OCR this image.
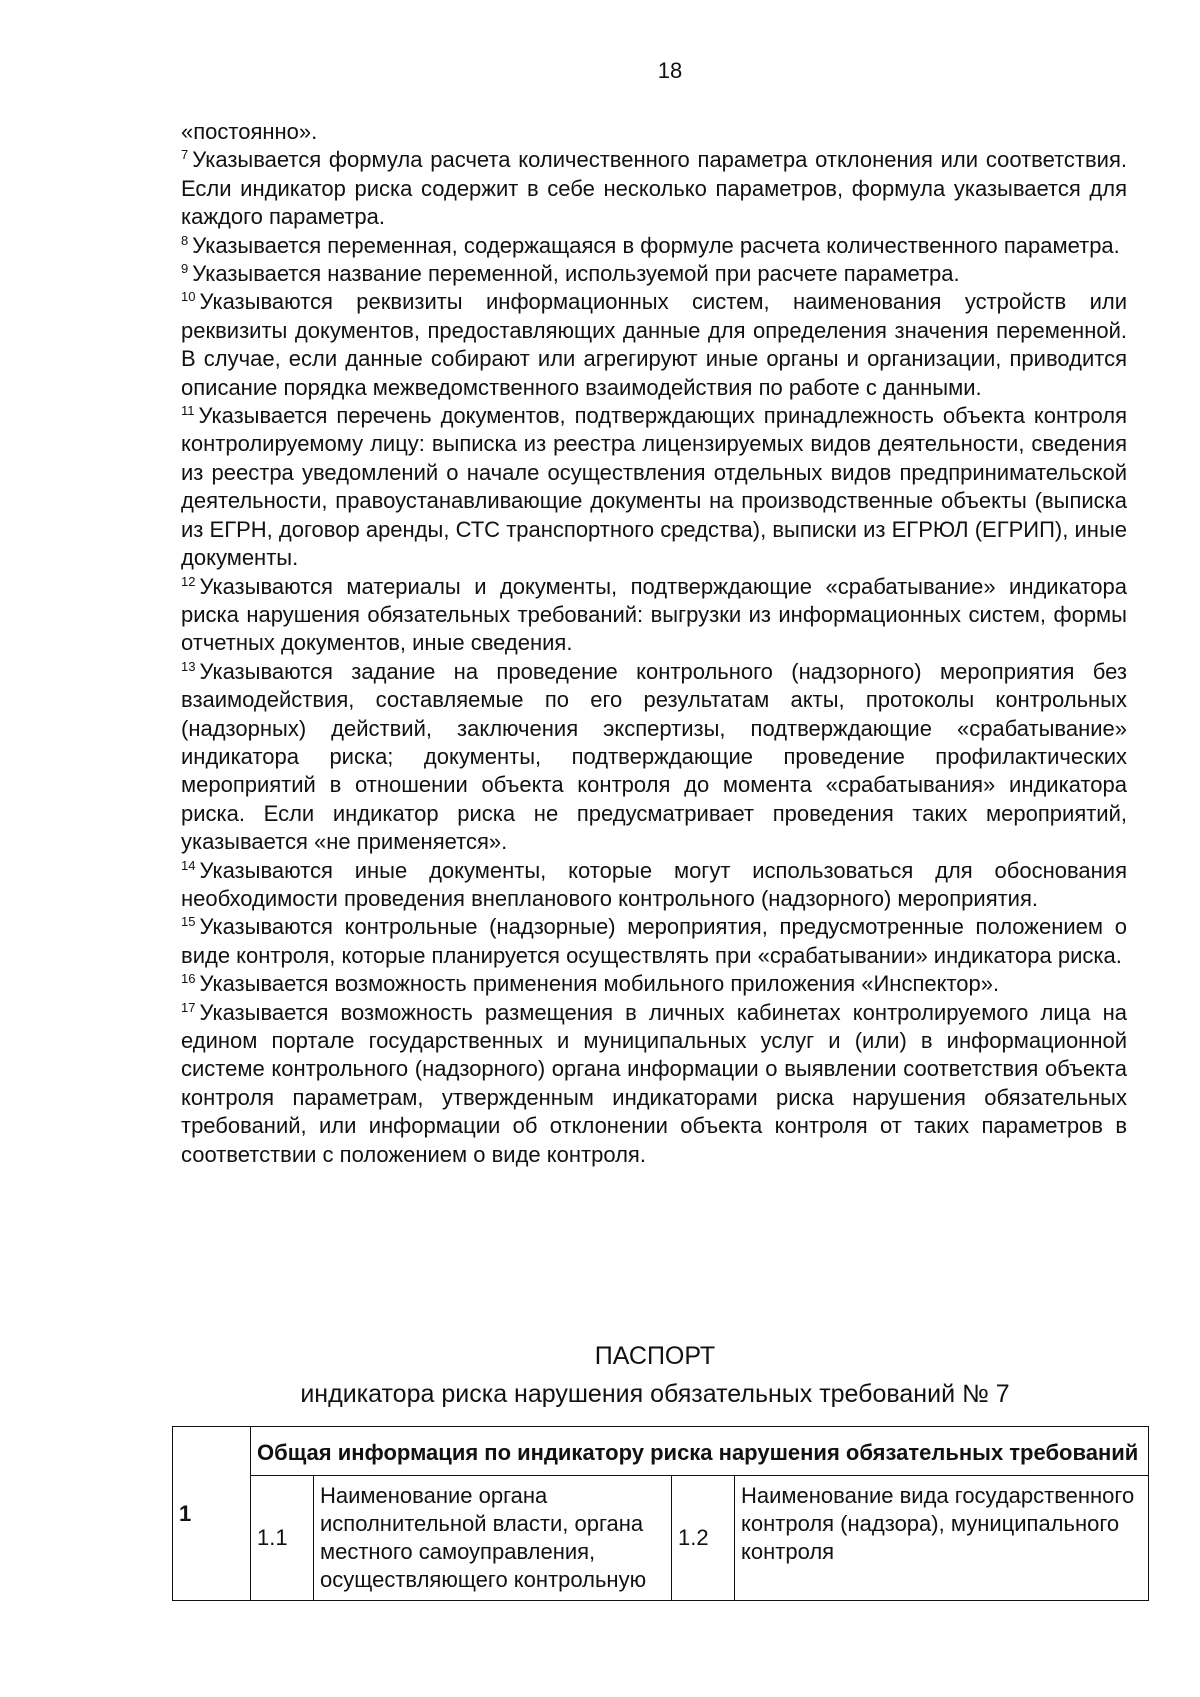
18

«постоянно».

$^7$ Указывается формула расчета количественного параметра отклонения или соответствия. Если индикатор риска содержит в себе несколько параметров, формула указывается для каждого параметра.

$^8$ Указывается переменная, содержащаяся в формуле расчета количественного параметра.

$^9$ Указывается название переменной, используемой при расчете параметра.

$^{10}$ Указываются реквизиты информационных систем, наименования устройств или реквизиты документов, предоставляющих данные для определения значения переменной. В случае, если данные собирают или агрегируют иные органы и организации, приводится описание порядка межведомственного взаимодействия по работе с данными.

$^{11}$ Указывается перечень документов, подтверждающих принадлежность объекта контроля контролируемому лицу: выписка из реестра лицензируемых видов деятельности, сведения из реестра уведомлений о начале осуществления отдельных видов предпринимательской деятельности, правоустанавливающие документы на производственные объекты (выписка из ЕГРН, договор аренды, СТС транспортного средства), выписки из ЕГРЮЛ (ЕГРИП), иные документы.

$^{12}$ Указываются материалы и документы, подтверждающие «срабатывание» индикатора риска нарушения обязательных требований: выгрузки из информационных систем, формы отчетных документов, иные сведения.

$^{13}$ Указываются задание на проведение контрольного (надзорного) мероприятия без взаимодействия, составляемые по его результатам акты, протоколы контрольных (надзорных) действий, заключения экспертизы, подтверждающие «срабатывание» индикатора риска; документы, подтверждающие проведение профилактических мероприятий в отношении объекта контроля до момента «срабатывания» индикатора риска. Если индикатор риска не предусматривает проведения таких мероприятий, указывается «не применяется».

$^{14}$ Указываются иные документы, которые могут использоваться для обоснования необходимости проведения внепланового контрольного (надзорного) мероприятия.

$^{15}$ Указываются контрольные (надзорные) мероприятия, предусмотренные положением о виде контроля, которые планируется осуществлять при «срабатывании» индикатора риска.

$^{16}$ Указывается возможность применения мобильного приложения «Инспектор».

$^{17}$ Указывается возможность размещения в личных кабинетах контролируемого лица на едином портале государственных и муниципальных услуг и (или) в информационной системе контрольного (надзорного) органа информации о выявлении соответствия объекта контроля параметрам, утвержденным индикаторами риска нарушения обязательных требований, или информации об отклонении объекта контроля от таких параметров в соответствии с положением о виде контроля.

ПАСПОРТ
индикатора риска нарушения обязательных требований № 7
1	Общая информация по индикатору риска нарушения обязательных требований			
	1.1	Наименование органа исполнительной власти, органа местного самоуправления, осуществляющего контрольную	1.2	Наименование вида государственного контроля (надзора), муниципального контроля
